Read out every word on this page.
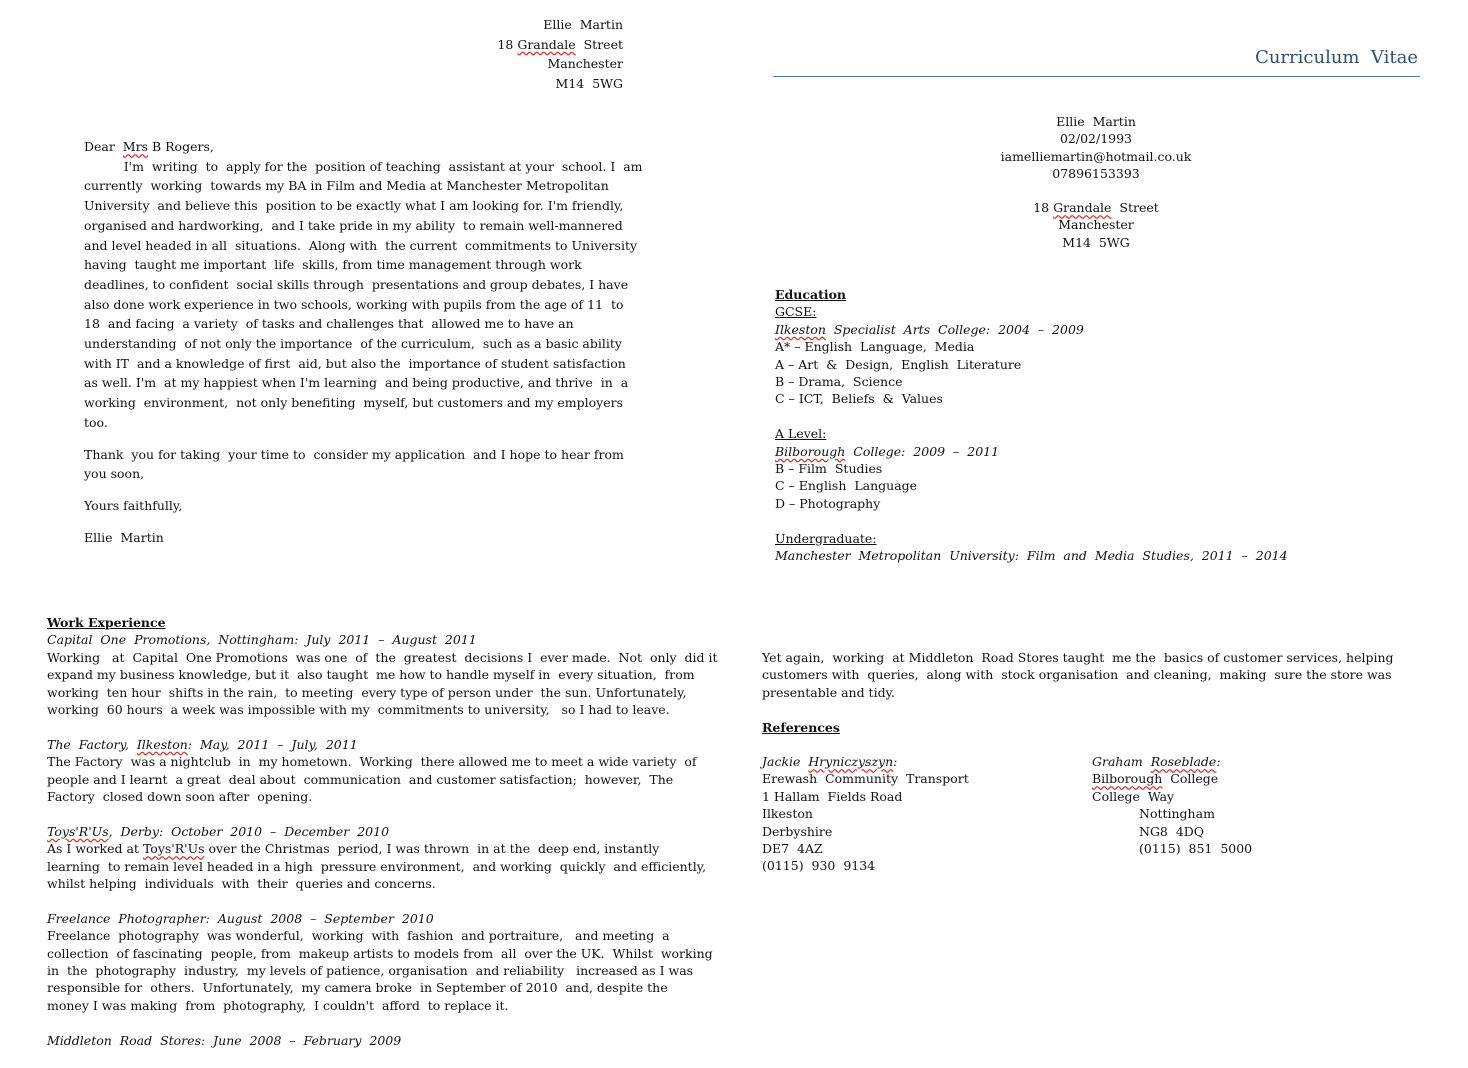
Ellie  Martin
18 Grandale  Street
Manchester
M14  5WG
Dear  Mrs B Rogers,
I'm  writing  to  apply for the  position of teaching  assistant at your  school. I  am
currently  working  towards my BA in Film and Media at Manchester Metropolitan
University  and believe this  position to be exactly what I am looking for. I'm friendly,
organised and hardworking,  and I take pride in my ability  to remain well-mannered
and level headed in all  situations.  Along with  the current  commitments to University
having  taught me important  life  skills, from time management through work
deadlines, to confident  social skills through  presentations and group debates, I have
also done work experience in two schools, working with pupils from the age of 11  to
18  and facing  a variety  of tasks and challenges that  allowed me to have an
understanding  of not only the importance  of the curriculum,  such as a basic ability
with IT  and a knowledge of first  aid, but also the  importance of student satisfaction
as well. I'm  at my happiest when I'm learning  and being productive, and thrive  in  a
working  environment,  not only benefiting  myself, but customers and my employers
too.
Thank  you for taking  your time to  consider my application  and I hope to hear from
you soon,
Yours faithfully,
Ellie  Martin
Curriculum  Vitae
Ellie  Martin
02/02/1993
iamelliemartin@hotmail.co.uk
07896153393
18 Grandale  Street
Manchester
M14  5WG
Education
GCSE:
Ilkeston  Specialist  Arts  College:  2004  –  2009
A* – English  Language,  Media
A – Art  &  Design,  English  Literature
B – Drama,  Science
C – ICT,  Beliefs  &  Values
A Level:
Bilborough  College:  2009  –  2011
B – Film  Studies
C – English  Language
D – Photography
Undergraduate:
Manchester  Metropolitan  University:  Film  and  Media  Studies,  2011  –  2014
Work Experience
Capital  One  Promotions,  Nottingham:  July  2011  –  August  2011
Working   at  Capital  One Promotions  was one  of  the  greatest  decisions I  ever made.  Not  only  did it
expand my business knowledge, but it  also taught  me how to handle myself in  every situation,  from
working  ten hour  shifts in the rain,  to meeting  every type of person under  the sun. Unfortunately,
working  60 hours  a week was impossible with my  commitments to university,   so I had to leave.
The  Factory,  Ilkeston:  May,  2011  –  July,  2011
The Factory  was a nightclub  in  my hometown.  Working  there allowed me to meet a wide variety  of
people and I learnt  a great  deal about  communication  and customer satisfaction;  however,  The
Factory  closed down soon after  opening.
Toys'R'Us,  Derby:  October  2010  –  December  2010
As I worked at Toys'R'Us over the Christmas  period, I was thrown  in at the  deep end, instantly
learning  to remain level headed in a high  pressure environment,  and working  quickly  and efficiently,
whilst helping  individuals  with  their  queries and concerns.
Freelance  Photographer:  August  2008  –  September  2010
Freelance  photography  was wonderful,  working  with  fashion  and portraiture,   and meeting  a
collection  of fascinating  people, from  makeup artists to models from  all  over the UK.  Whilst  working
in  the  photography  industry,  my levels of patience, organisation  and reliability   increased as I was
responsible for  others.  Unfortunately,  my camera broke  in September of 2010  and, despite the
money I was making  from  photography,  I couldn't  afford  to replace it.
Middleton  Road  Stores:  June  2008  –  February  2009
Yet again,  working  at Middleton  Road Stores taught  me the  basics of customer services, helping
customers with  queries,  along with  stock organisation  and cleaning,  making  sure the store was
presentable and tidy.
References
Jackie  Hryniczyszyn:
Erewash  Community  Transport
1 Hallam  Fields Road
Ilkeston
Derbyshire
DE7  4AZ
(0115)  930  9134
Graham  Roseblade:
Bilborough  College
College  Way
Nottingham
NG8  4DQ
(0115)  851  5000
